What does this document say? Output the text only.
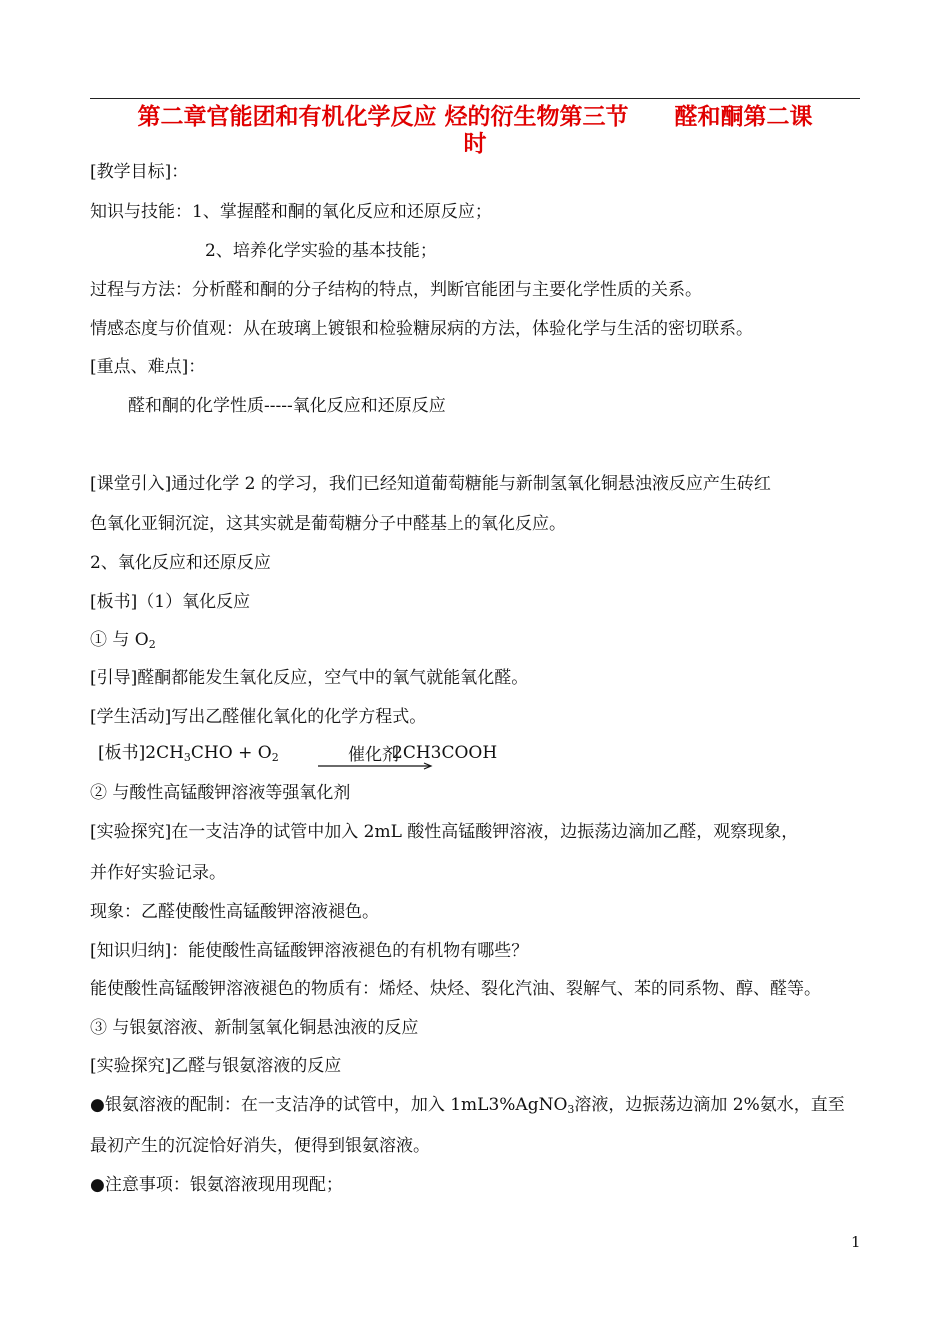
第二章官能团和有机化学反应 烃的衍生物第三节　　醛和酮第二课
时
[教学目标]：
知识与技能：1、掌握醛和酮的氧化反应和还原反应；
2、培养化学实验的基本技能；
过程与方法：分析醛和酮的分子结构的特点，判断官能团与主要化学性质的关系。
情感态度与价值观：从在玻璃上镀银和检验糖尿病的方法，体验化学与生活的密切联系。
[重点、难点]：
醛和酮的化学性质-----氧化反应和还原反应
[课堂引入]通过化学 2 的学习，我们已经知道葡萄糖能与新制氢氧化铜悬浊液反应产生砖红
色氧化亚铜沉淀，这其实就是葡萄糖分子中醛基上的氧化反应。
2、氧化反应和还原反应
[板书]（1）氧化反应
① 与 $O_2$
[引导]醛酮都能发生氧化反应，空气中的氧气就能氧化醛。
[学生活动]写出乙醛催化氧化的化学方程式。
[板书]$2CH_3CHO + O_2$	催化剂
2CH3COOH
② 与酸性高锰酸钾溶液等强氧化剂
[实验探究]在一支洁净的试管中加入 2mL 酸性高锰酸钾溶液，边振荡边滴加乙醛，观察现象，
并作好实验记录。
现象：乙醛使酸性高锰酸钾溶液褪色。
[知识归纳]：能使酸性高锰酸钾溶液褪色的有机物有哪些？
能使酸性高锰酸钾溶液褪色的物质有：烯烃、炔烃、裂化汽油、裂解气、苯的同系物、醇、醛等。
③ 与银氨溶液、新制氢氧化铜悬浊液的反应
[实验探究]乙醛与银氨溶液的反应
●银氨溶液的配制：在一支洁净的试管中，加入 1mL3%AgNO$_3$溶液，边振荡边滴加 2%氨水，直至
最初产生的沉淀恰好消失，便得到银氨溶液。
●注意事项：银氨溶液现用现配；
1
